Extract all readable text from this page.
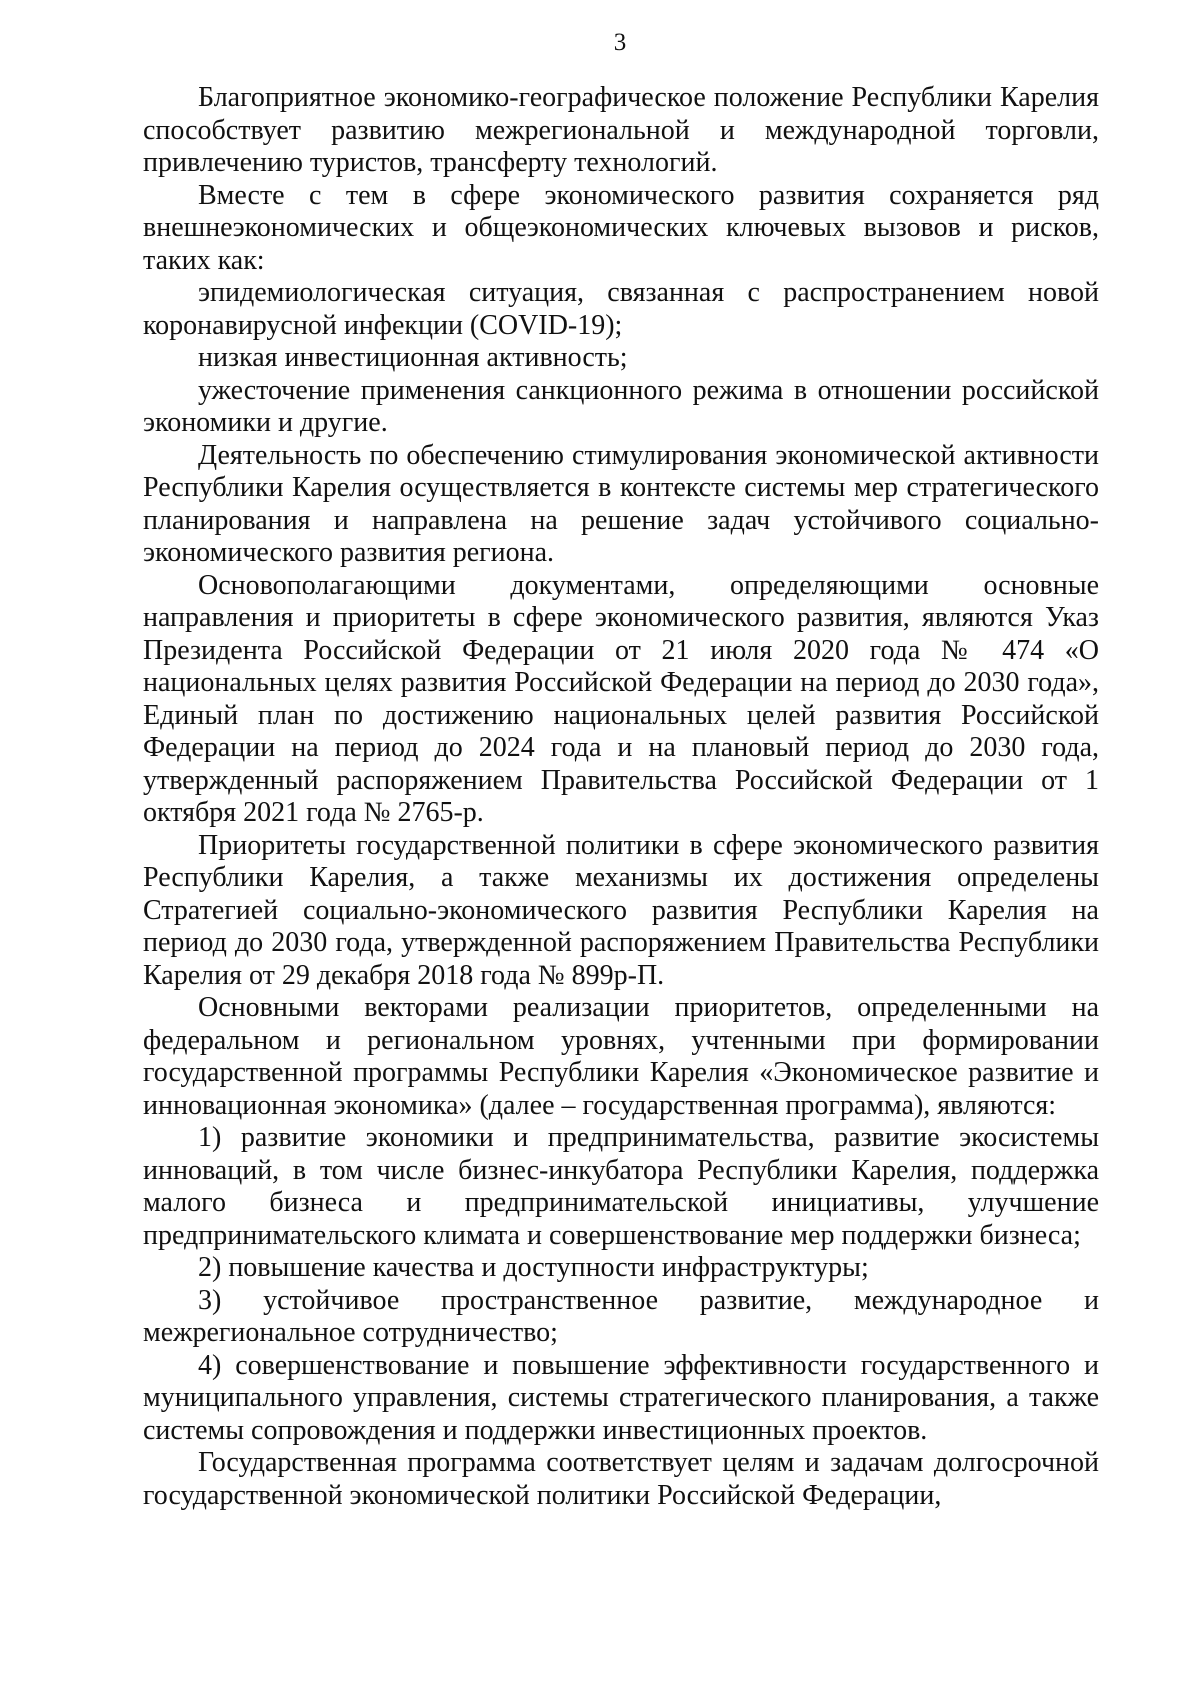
3

Благоприятное экономико-географическое положение Республики Карелия способствует развитию межрегиональной и международной торговли, привлечению туристов, трансферту технологий.

Вместе с тем в сфере экономического развития сохраняется ряд внешнеэкономических и общеэкономических ключевых вызовов и рисков, таких как:

эпидемиологическая ситуация, связанная с распространением новой коронавирусной инфекции (COVID-19);

низкая инвестиционная активность;

ужесточение применения санкционного режима в отношении российской экономики и другие.

Деятельность по обеспечению стимулирования экономической активности Республики Карелия осуществляется в контексте системы мер стратегического планирования и направлена на решение задач устойчивого социально-экономического развития региона.

Основополагающими документами, определяющими основные направления и приоритеты в сфере экономического развития, являются Указ Президента Российской Федерации от 21 июля 2020 года № 474 «О национальных целях развития Российской Федерации на период до 2030 года», Единый план по достижению национальных целей развития Российской Федерации на период до 2024 года и на плановый период до 2030 года, утвержденный распоряжением Правительства Российской Федерации от 1 октября 2021 года № 2765-р.

Приоритеты государственной политики в сфере экономического развития Республики Карелия, а также механизмы их достижения определены Стратегией социально-экономического развития Республики Карелия на период до 2030 года, утвержденной распоряжением Правительства Республики Карелия от 29 декабря 2018 года № 899р-П.

Основными векторами реализации приоритетов, определенными на федеральном и региональном уровнях, учтенными при формировании государственной программы Республики Карелия «Экономическое развитие и инновационная экономика» (далее – государственная программа), являются:

1) развитие экономики и предпринимательства, развитие экосистемы инноваций, в том числе бизнес-инкубатора Республики Карелия, поддержка малого бизнеса и предпринимательской инициативы, улучшение предпринимательского климата и совершенствование мер поддержки бизнеса;

2) повышение качества и доступности инфраструктуры;

3) устойчивое пространственное развитие, международное и межрегиональное сотрудничество;

4) совершенствование и повышение эффективности государственного и муниципального управления, системы стратегического планирования, а также системы сопровождения и поддержки инвестиционных проектов.

Государственная программа соответствует целям и задачам долгосрочной государственной экономической политики Российской Федерации,
